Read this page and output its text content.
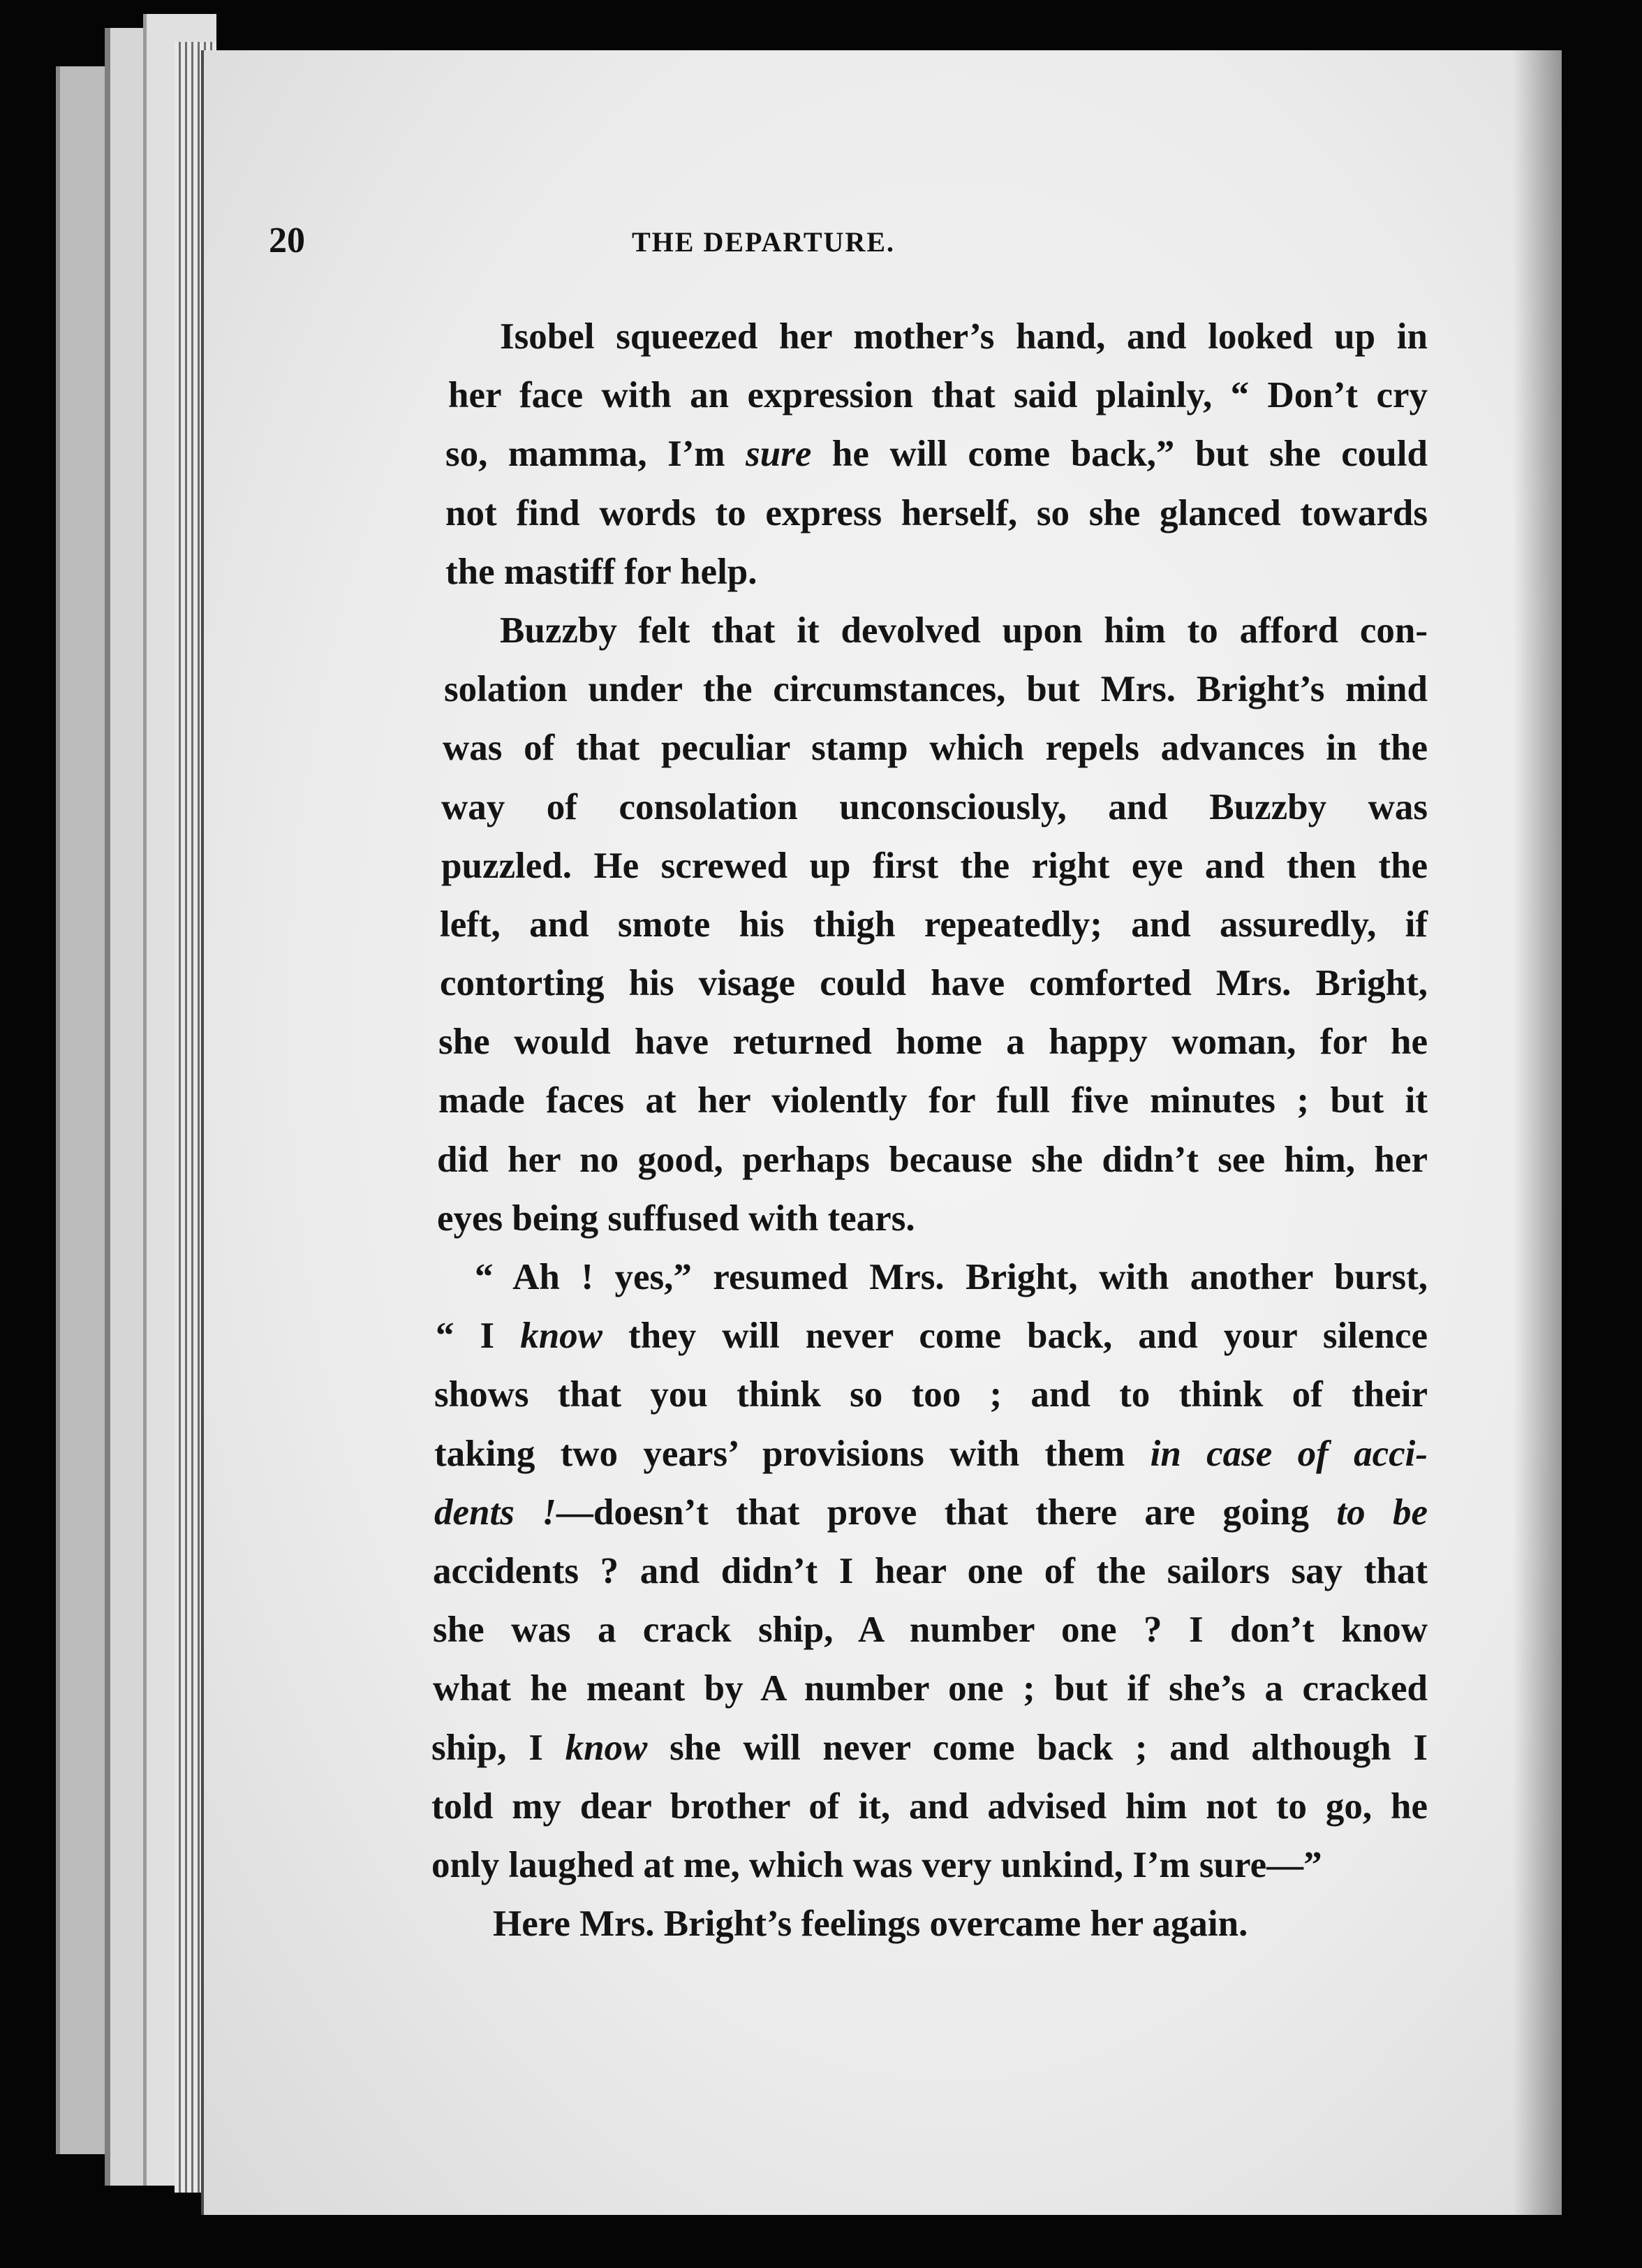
20	THE DEPARTURE.
Isobel squeezed her mother’s hand, and looked up in
her face with an expression that said plainly, “ Don’t cry
so, mamma, I’m sure he will come back,” but she could
not find words to express herself, so she glanced towards
the mastiff for help.
Buzzby felt that it devolved upon him to afford con-
solation under the circumstances, but Mrs. Bright’s mind
was of that peculiar stamp which repels advances in the
way of consolation unconsciously, and Buzzby was
puzzled. He screwed up first the right eye and then the
left, and smote his thigh repeatedly; and assuredly, if
contorting his visage could have comforted Mrs. Bright,
she would have returned home a happy woman, for he
made faces at her violently for full five minutes ; but it
did her no good, perhaps because she didn’t see him, her
eyes being suffused with tears.
“ Ah ! yes,” resumed Mrs. Bright, with another burst,
“ I know they will never come back, and your silence
shows that you think so too ; and to think of their
taking two years’ provisions with them in case of acci-
dents !—doesn’t that prove that there are going to be
accidents ? and didn’t I hear one of the sailors say that
she was a crack ship, A number one ? I don’t know
what he meant by A number one ; but if she’s a cracked
ship, I know she will never come back ; and although I
told my dear brother of it, and advised him not to go, he
only laughed at me, which was very unkind, I’m sure—”
Here Mrs. Bright’s feelings overcame her again.
